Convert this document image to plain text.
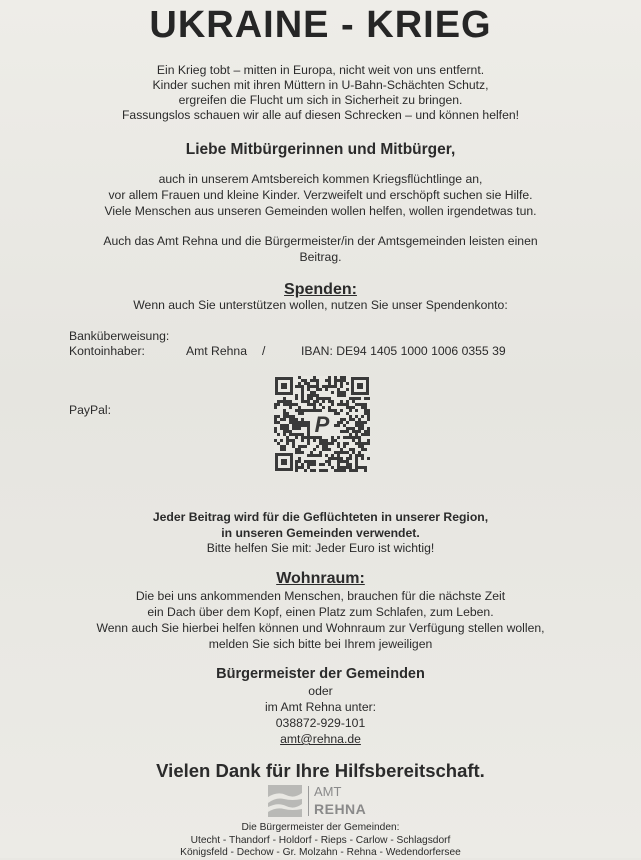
UKRAINE - KRIEG
Ein Krieg tobt – mitten in Europa, nicht weit von uns entfernt.
Kinder suchen mit ihren Müttern in U-Bahn-Schächten Schutz,
ergreifen die Flucht um sich in Sicherheit zu bringen.
Fassungslos schauen wir alle auf diesen Schrecken – und können helfen!
Liebe Mitbürgerinnen und Mitbürger,
auch in unserem Amtsbereich kommen Kriegsflüchtlinge an,
vor allem Frauen und kleine Kinder. Verzweifelt und erschöpft suchen sie Hilfe.
Viele Menschen aus unseren Gemeinden wollen helfen, wollen irgendetwas tun.
Auch das Amt Rehna und die Bürgermeister/in der Amtsgemeinden leisten einen
Beitrag.
Spenden:
Wenn auch Sie unterstützen wollen, nutzen Sie unser Spendenkonto:
Banküberweisung:
Kontoinhaber:	Amt Rehna /	IBAN: DE94 1405 1000 1006 0355 39
PayPal:
P
Jeder Beitrag wird für die Geflüchteten in unserer Region,
in unseren Gemeinden verwendet.
Bitte helfen Sie mit: Jeder Euro ist wichtig!
Wohnraum:
Die bei uns ankommenden Menschen, brauchen für die nächste Zeit
ein Dach über dem Kopf, einen Platz zum Schlafen, zum Leben.
Wenn auch Sie hierbei helfen können und Wohnraum zur Verfügung stellen wollen,
melden Sie sich bitte bei Ihrem jeweiligen
Bürgermeister der Gemeinden
oder
im Amt Rehna unter:
038872-929-101
amt@rehna.de
Vielen Dank für Ihre Hilfsbereitschaft.
AMT
REHNA
Die Bürgermeister der Gemeinden:
Utecht - Thandorf - Holdorf - Rieps - Carlow - Schlagsdorf
Königsfeld - Dechow - Gr. Molzahn - Rehna - Wedendorfersee
